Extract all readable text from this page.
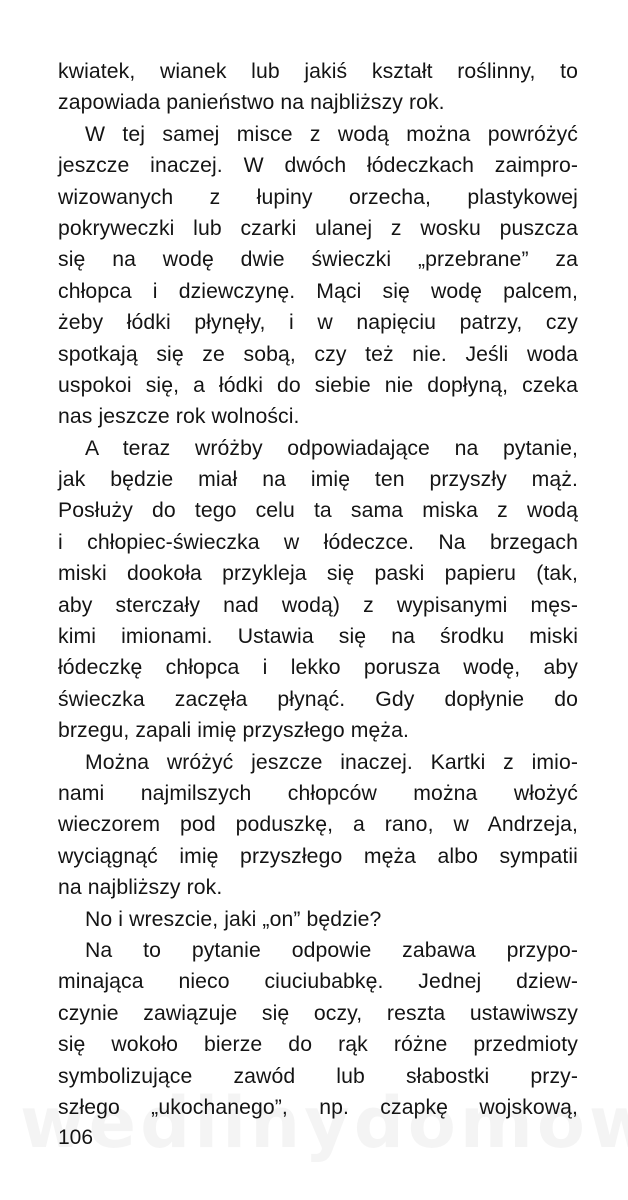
kwiatek, wianek lub jakiś kształt roślinny, to
zapowiada panieństwo na najbliższy rok.
W tej samej misce z wodą można powróżyć
jeszcze inaczej. W dwóch łódeczkach zaimpro-
wizowanych z łupiny orzecha, plastykowej
pokryweczki lub czarki ulanej z wosku puszcza
się na wodę dwie świeczki „przebrane” za
chłopca i dziewczynę. Mąci się wodę palcem,
żeby łódki płynęły, i w napięciu patrzy, czy
spotkają się ze sobą, czy też nie. Jeśli woda
uspokoi się, a łódki do siebie nie dopłyną, czeka
nas jeszcze rok wolności.
A teraz wróżby odpowiadające na pytanie,
jak będzie miał na imię ten przyszły mąż.
Posłuży do tego celu ta sama miska z wodą
i chłopiec-świeczka w łódeczce. Na brzegach
miski dookoła przykleja się paski papieru (tak,
aby sterczały nad wodą) z wypisanymi męs-
kimi imionami. Ustawia się na środku miski
łódeczkę chłopca i lekko porusza wodę, aby
świeczka zaczęła płynąć. Gdy dopłynie do
brzegu, zapali imię przyszłego męża.
Można wróżyć jeszcze inaczej. Kartki z imio-
nami najmilszych chłopców można włożyć
wieczorem pod poduszkę, a rano, w Andrzeja,
wyciągnąć imię przyszłego męża albo sympatii
na najbliższy rok.
No i wreszcie, jaki „on” będzie?
Na to pytanie odpowie zabawa przypo-
minająca nieco ciuciubabkę. Jednej dziew-
czynie zawiązuje się oczy, reszta ustawiwszy
się wokoło bierze do rąk różne przedmioty
symbolizujące zawód lub słabostki przy-
szłego „ukochanego”, np. czapkę wojskową,
106
